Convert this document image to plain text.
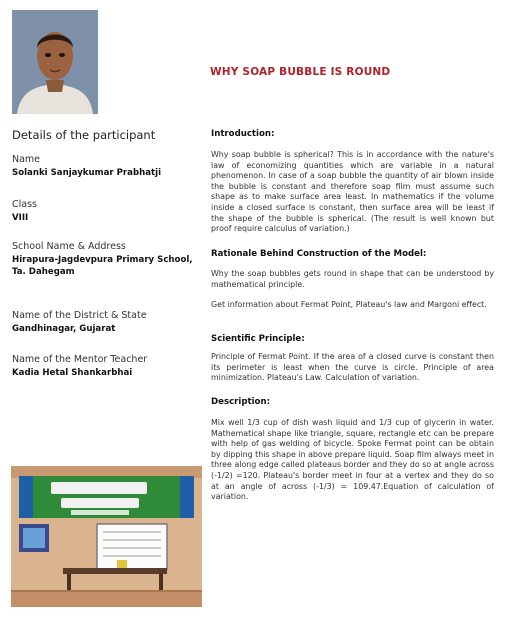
WHY SOAP BUBBLE IS ROUND
Details of the participant
Name
Solanki Sanjaykumar Prabhatji
Class
VIII
School Name & Address
Hirapura-Jagdevpura Primary School,
Ta. Dahegam
Name of the District & State
Gandhinagar, Gujarat
Name of the Mentor Teacher
Kadia Hetal Shankarbhai
Introduction:
Why soap bubble is spherical? This is in accordance with the nature's law of economizing quantities which are variable in a natural phenomenon. In case of a soap bubble the quantity of air blown inside the bubble is constant and therefore soap film must assume such shape as to make surface area least. In mathematics if the volume inside a closed surface is constant, then surface area will be least if the shape of the bubble is spherical. (The result is well known but proof require calculus of variation.)
Rationale Behind Construction of the Model:
Why the soap bubbles gets round in shape that can be understood by mathematical principle.
Get information about Fermat Point, Plateau's law and Margoni effect.
Scientific Principle:
Principle of Fermat Point. If the area of a closed curve is constant then its perimeter is least when the curve is circle. Principle of area minimization. Plateau's Law. Calculation of variation.
Description:
Mix well 1/3 cup of dish wash liquid and 1/3 cup of glycerin in water. Mathematical shape like triangle, square, rectangle etc can be prepare with help of gas welding of bicycle. Spoke Fermat point can be obtain by dipping this shape in above prepare liquid. Soap film always meet in three along edge called plateaus border and they do so at angle across (-1/2) =120. Plateau's border meet in four at a vertex and they do so at an angle of across (-1/3) = 109.47.Equation of calculation of variation.
